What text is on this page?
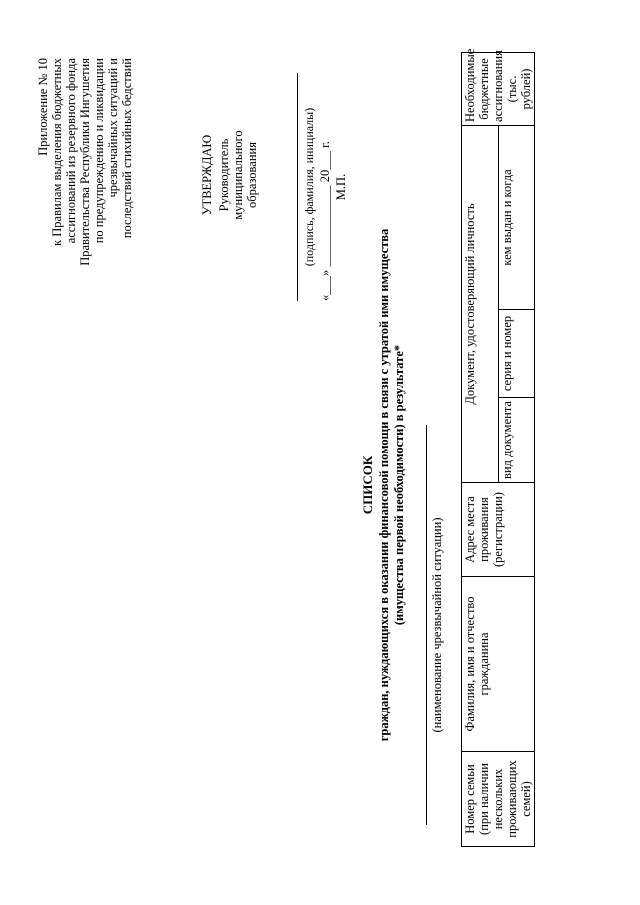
Приложение № 10 к Правилам выделения бюджетных ассигнований из резервного фонда Правительства Республики Ингушетия по предупреждению и ликвидации чрезвычайных ситуаций и последствий стихийных бедствий	УТВЕРЖДАЮ Руководитель муниципального образования	(подпись, фамилия, инициалы) «___» _____________ 20___ г. М.П.
СПИСОК граждан, нуждающихся в оказании финансовой помощи в связи с утратой ими имущества (имущества первой необходимости) в результате* (наименование чрезвычайной ситуации)
Номер семьи (при наличии нескольких проживающих семей)	Фамилия, имя и отчество гражданина	Адрес места проживания (регистрации)	Документ, удостоверяющий личность			Необходимые бюджетные ассигнования (тыс. рублей)
			вид документа	серия и номер	кем выдан и когда	
